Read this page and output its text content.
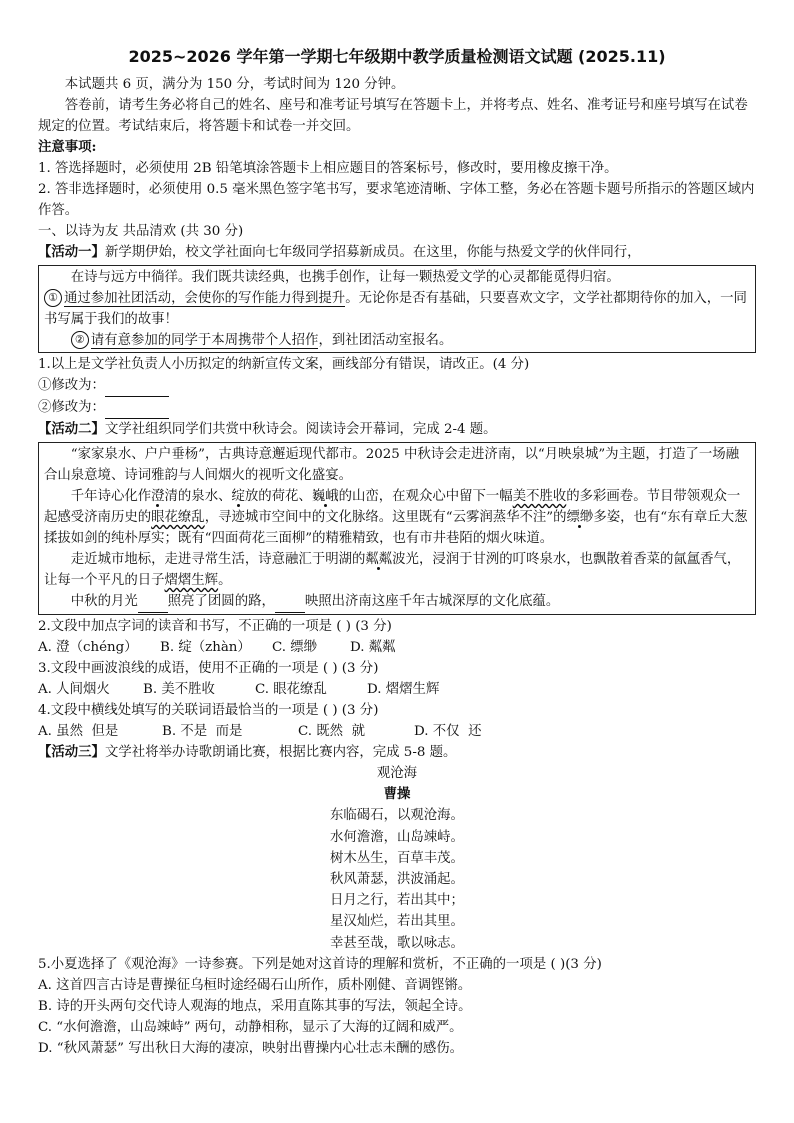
2025~2026 学年第一学期七年级期中教学质量检测语文试题 (2025.11)

本试题共 6 页，满分为 150 分，考试时间为 120 分钟。

答卷前，请考生务必将自己的姓名、座号和准考证号填写在答题卡上，并将考点、姓名、准考证号和座号填写在试卷规定的位置。考试结束后，将答题卡和试卷一并交回。

注意事项:

1. 答选择题时，必须使用 2B 铅笔填涂答题卡上相应题目的答案标号，修改时，要用橡皮擦干净。

2. 答非选择题时，必须使用 0.5 毫米黑色签字笔书写，要求笔迹清晰、字体工整，务必在答题卡题号所指示的答题区域内作答。

一、以诗为友 共品清欢 (共 30 分)

【活动一】新学期伊始，校文学社面向七年级同学招募新成员。在这里，你能与热爱文学的伙伴同行，

在诗与远方中徜徉。我们既共读经典，也携手创作，让每一颗热爱文学的心灵都能觅得归宿。

① 通过参加社团活动，会使你的写作能力得到提升。无论你是否有基础，只要喜欢文字，文学社都期待你的加入，一同书写属于我们的故事！

② 请有意参加的同学于本周携带个人招作，到社团活动室报名。

1.以上是文学社负责人小历拟定的纳新宣传文案，画线部分有错误，请改正。(4 分)

①修改为：

②修改为：

【活动二】文学社组织同学们共赏中秋诗会。阅读诗会开幕词，完成 2-4 题。

“家家泉水、户户垂杨”，古典诗意邂逅现代都市。2025 中秋诗会走进济南，以“月映泉城”为主题，打造了一场融合山泉意境、诗词雅韵与人间烟火的视听文化盛宴。

千年诗心化作澄清的泉水、绽放的荷花、巍峨的山峦，在观众心中留下一幅美不胜收的多彩画卷。节目带领观众一起感受济南历史的眼花缭乱，寻迹城市空间中的文化脉络。这里既有“云雾润蒸华不注”的缥缈多姿，也有“东有章丘大葱揉拔如剑的纯朴厚实；既有“四面荷花三面柳”的精雅精致，也有市井巷陌的烟火味道。

走近城市地标，走进寻常生活，诗意融汇于明湖的粼粼波光，浸润于甘洌的叮咚泉水，也飘散着香菜的氤氲香气，让每一个平凡的日子熠熠生辉。

中秋的月光 照亮了团圆的路， 映照出济南这座千年古城深厚的文化底蕴。

2.文段中加点字词的读音和书写，不正确的一项是 ( ) (3 分)

A. 澄（chéng）	B. 绽（zhàn）	C. 缥缈	D. 粼粼

3.文段中画波浪线的成语，使用不正确的一项是 ( ) (3 分)

A. 人间烟火	B. 美不胜收	C. 眼花缭乱	D. 熠熠生辉

4.文段中横线处填写的关联词语最恰当的一项是 ( ) (3 分)

A. 虽然  但是	B. 不是  而是	C. 既然  就	D. 不仅  还

【活动三】文学社将举办诗歌朗诵比赛，根据比赛内容，完成 5-8 题。

观沧海
曹操
东临碣石，以观沧海。
水何澹澹，山岛竦峙。
树木丛生，百草丰茂。
秋风萧瑟，洪波涌起。
日月之行，若出其中；
星汉灿烂，若出其里。
幸甚至哉，歌以咏志。

5.小夏选择了《观沧海》一诗参赛。下列是她对这首诗的理解和赏析，不正确的一项是 ( )(3 分)

A. 这首四言古诗是曹操征乌桓时途经碣石山所作，质朴刚健、音调铿锵。

B. 诗的开头两句交代诗人观海的地点，采用直陈其事的写法，领起全诗。

C. “水何澹澹，山岛竦峙” 两句，动静相称，显示了大海的辽阔和威严。

D. “秋风萧瑟” 写出秋日大海的凄凉，映射出曹操内心壮志未酬的感伤。
